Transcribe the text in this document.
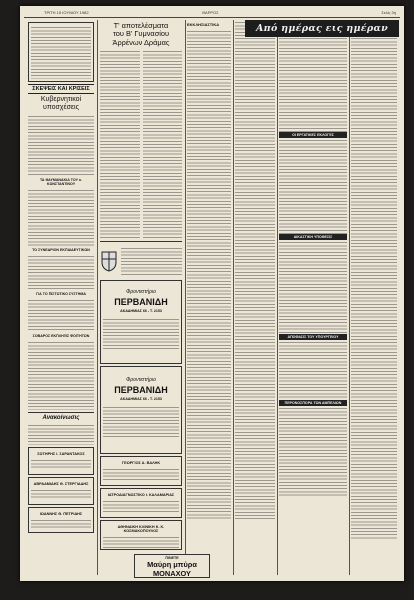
ΤΡΙΤΗ 15 ΙΟΥΝΙΟΥ 1982	ΘΑΡΡΟΣ	Σελίς 3η
ΣΚΕΨΕΙΣ ΚΑΙ ΚΡΙΣΕΙΣ
Κυβερνητικοί υποσχέσεις
ΤΑ ΘΑΥΜΑΝΑΚΙΑ ΤΟΥ κ. ΚΩΝΣΤΑΝΤΙΝΟΥ
ΤΟ ΣΥΝΕΔΡΙΟΝ ΕΚΠΑΙΔΕΥΤΙΚΩΝ
ΓΙΑ ΤΟ ΠΙΣΤΩΤΙΚΟ ΣΥΣΤΗΜΑ
ΣΟΒΑΡΟΣ ΕΚΠΛΗΞΙΣ ΦΟΙΤΗΤΩΝ
Ανακοίνωσις
ΣΩΤΗΡΗΣ Ι. ΣΑΡΑΝΤΑΚΟΣ
ΑΒΡΑΑΜΙΔΗΣ Θ. ΣΤΕΡΓΙΑΔΗΣ
ΙΩΑΝΝΗΣ Θ. ΠΕΤΡΙΔΗΣ
Τ' αποτελέσματα
του Β' Γυμνασίου
Άρρένων Δράμας
Φροντιστήριο
ΠΕΡΒΑΝΙΔΗ
ΑΚΑΔΗΜΙΑΣ 66 - Τ. 2153
Φροντιστήριο
ΠΕΡΒΑΝΙΔΗ
ΑΚΑΔΗΜΙΑΣ 66 - Τ. 2153
ΓΕΩΡΓΙΟΣ Α. ΒΑΛΗΚ
ΙΑΤΡΟΔΙΑΓΝΩΣΤΙΚΟ Ι. ΚΑΛΑΜΑΡΙΑΣ
ΑΘΗΝΑΙΚΗ ΚΛΙΝΙΚΗ Κ. Κ. ΚΟΣΜΑΚΟΠΟΥΛΟΣ
ΕΚΚΛΗΣΙΑΣΤΙΚΑ
ΟΙ ΕΡΓΑΤΙΚΕΣ ΕΚΛΟΓΕΣ
ΔΙΚΑΣΤΙΚΗ ΥΠΟΘΕΣΙΣ
ΑΠΟΦΑΣΙΣ ΤΟΥ ΥΠΟΥΡΓΕΙΟΥ
ΠΕΡΟΝΟΣΠΟΡΑ ΤΩΝ ΑΜΠΕΛΙΩΝ
Από ημέρας εις ημέραν
ΠΙΝΕΤΕ
Μαύρη μπύρα ΜΟΝΑΧΟΥ
